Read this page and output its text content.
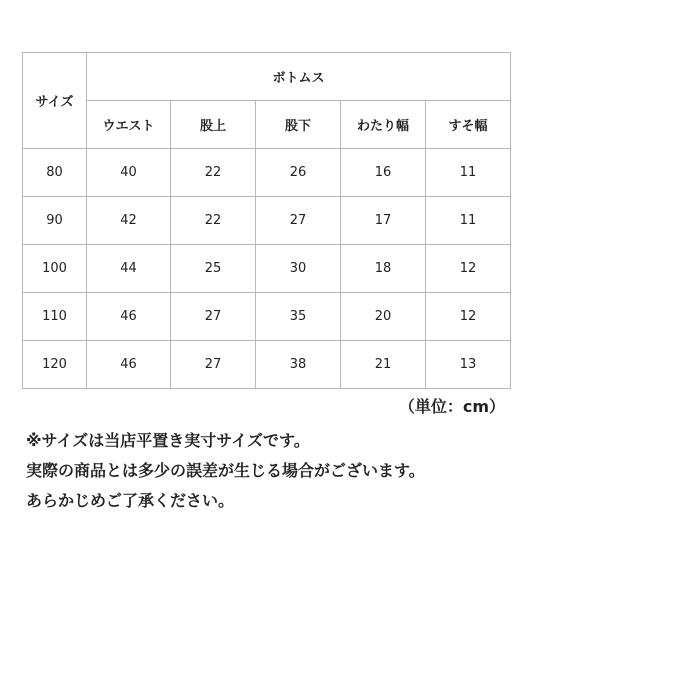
サイズ	ボトムス				
	ウエスト	股上	股下	わたり幅	すそ幅
80	40	22	26	16	11
90	42	22	27	17	11
100	44	25	30	18	12
110	46	27	35	20	12
120	46	27	38	21	13
（単位：cm）
※サイズは当店平置き実寸サイズです。
実際の商品とは多少の誤差が生じる場合がございます。
あらかじめご了承ください。
